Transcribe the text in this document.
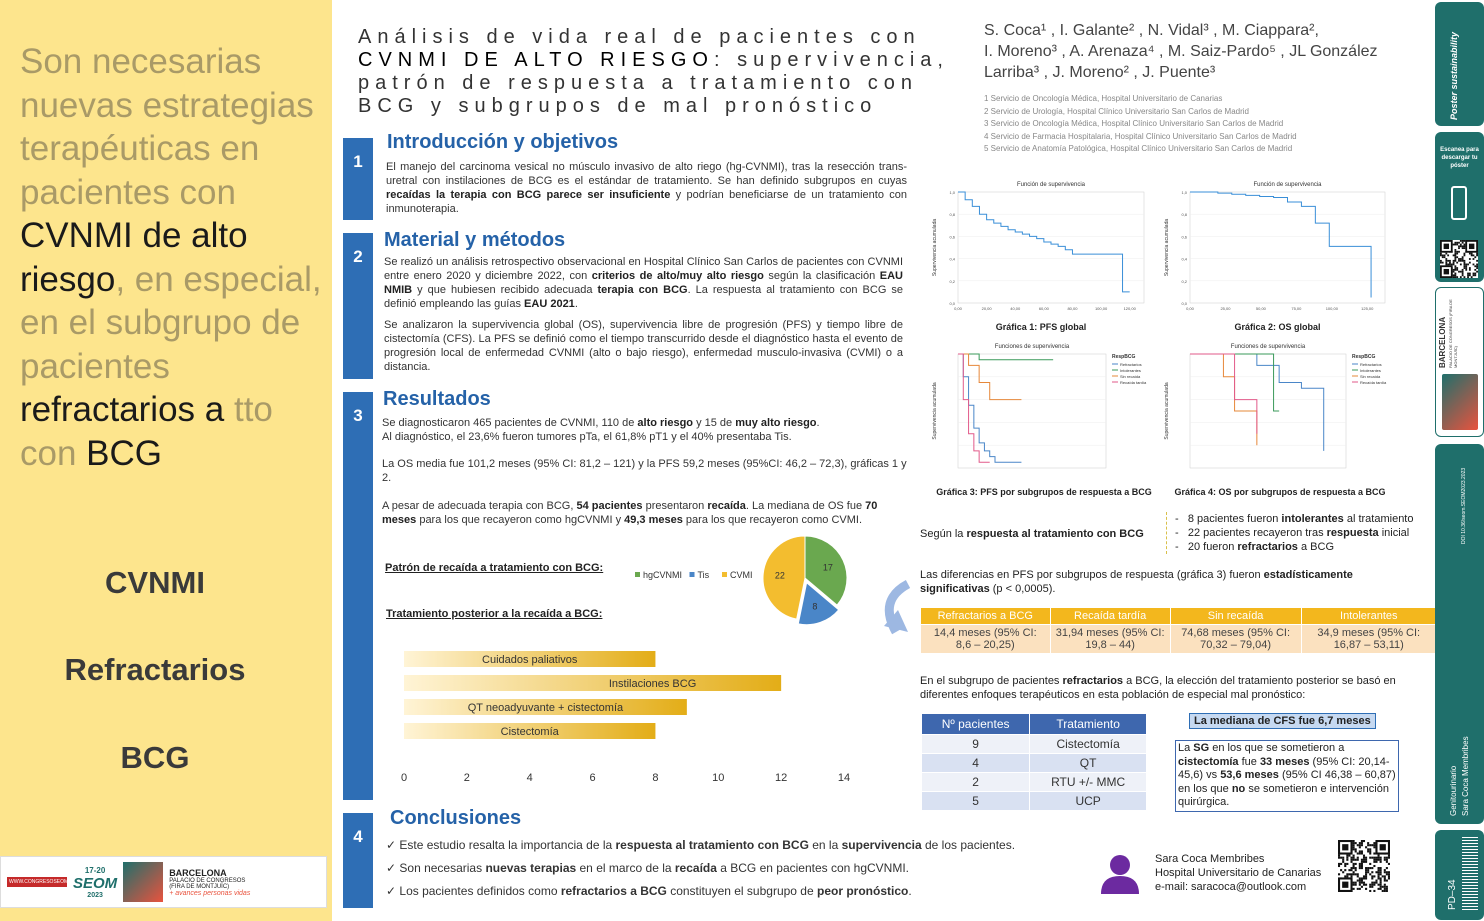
Son necesarias
nuevas estrategias
terapéuticas en
pacientes con
CVNMI de alto
riesgo, en especial,
en el subgrupo de
pacientes
refractarios a tto
con BCG
CVNMI
Refractarios
BCG
WWW.CONGRESOSEOM.ORG
17-20
SEOM
2023
BARCELONA
PALACIO DE CONGRESOS
(FIRA DE MONTJUÏC)
+ avances personas vidas
Análisis de vida real de pacientes con
CVNMI DE ALTO RIESGO: supervivencia,
patrón de respuesta a tratamiento con
BCG y subgrupos de mal pronóstico
S. Coca¹ , I. Galante² , N. Vidal³ , M. Ciappara²,
I. Moreno³ , A. Arenaza⁴ , M. Saiz-Pardo⁵ , JL González
Larriba³ , J. Moreno² , J. Puente³
1 Servicio de Oncología Médica, Hospital Universitario de Canarias
2 Servicio de Urología, Hospital Clínico Universitario San Carlos de Madrid
3 Servicio de Oncología Médica, Hospital Clínico Universitario San Carlos de Madrid
4 Servicio de Farmacia Hospitalaria, Hospital Clínico Universitario San Carlos de Madrid
5 Servicio de Anatomía Patológica, Hospital Clínico Universitario San Carlos de Madrid
1
Introducción y objetivos
El manejo del carcinoma vesical no músculo invasivo de alto riego (hg-CVNMI), tras la resección trans-uretral con instilaciones de BCG es el estándar de tratamiento. Se han definido subgrupos en cuyas recaídas la terapia con BCG parece ser insuficiente y podrían beneficiarse de un tratamiento con inmunoterapia.
2
Material y métodos
Se realizó un análisis retrospectivo observacional en Hospital Clínico San Carlos de pacientes con CVNMI entre enero 2020 y diciembre 2022, con criterios de alto/muy alto riesgo según la clasificación EAU NMIB y que hubiesen recibido adecuada terapia con BCG. La respuesta al tratamiento con BCG se definió empleando las guías EAU 2021.
Se analizaron la supervivencia global (OS), supervivencia libre de progresión (PFS) y tiempo libre de cistectomía (CFS). La PFS se definió como el tiempo transcurrido desde el diagnóstico hasta el evento de progresión local de enfermedad CVNMI (alto o bajo riesgo), enfermedad musculo-invasiva (CVMI) o a distancia.
3
Resultados
Se diagnosticaron 465 pacientes de CVNMI, 110 de alto riesgo y 15 de muy alto riesgo.
Al diagnóstico, el 23,6% fueron tumores pTa, el 61,8% pT1 y el 40% presentaba Tis.
La OS media fue 101,2 meses (95% CI: 81,2 – 121) y la PFS 59,2 meses (95%CI: 46,2 – 72,3), gráficas 1 y 2.
A pesar de adecuada terapia con BCG, 54 pacientes presentaron recaída. La mediana de OS fue 70 meses para los que recayeron como hgCVNMI y 49,3 meses para los que recayeron como CVMI.
Patrón de recaída a tratamiento con BCG:
Tratamiento posterior a la recaída a BCG:
17
8
22
hgCVNMI Tis CVMI
Cuidados paliativos
Instilaciones BCG
QT neoadyuvante + cistectomía
Cistectomía
0	2	4	6	8	10	12	14
Función de supervivencia
Supervivencia acumulada
0,0
0,2
0,4
0,6
0,8
1,0
0,00	20,00	40,00	60,00	80,00	100,00	120,00
Gráfica 1: PFS global
Función de supervivencia
Supervivencia acumulada
0,0
0,2
0,4
0,6
0,8
1,0
0,00	25,00	50,00	75,00	100,00	125,00
Gráfica 2: OS global
Funciones de supervivencia
Supervivencia acumulada
RespBCG
Refractarios
Intolerantes
Sin recaída
Recaída tardía
Gráfica 3: PFS por subgrupos de respuesta a BCG
Funciones de supervivencia
Supervivencia acumulada
RespBCG
Refractarios
Intolerantes
Sin recaída
Recaída tardía
Gráfica 4: OS por subgrupos de respuesta a BCG
Según la respuesta al tratamiento con BCG
-   8 pacientes fueron intolerantes al tratamiento
-   22 pacientes recayeron tras respuesta inicial
-   20 fueron refractarios a BCG
Las diferencias en PFS por subgrupos de respuesta (gráfica 3) fueron estadísticamente significativas (p < 0,0005).
Refractarios a BCG	Recaída tardía	Sin recaída	Intolerantes
14,4 meses (95% CI: 8,6 – 20,25)	31,94 meses (95% CI: 19,8 – 44)	74,68 meses (95% CI: 70,32 – 79,04)	34,9 meses (95% CI: 16,87 – 53,11)
En el subgrupo de pacientes refractarios a BCG, la elección del tratamiento posterior se basó en diferentes enfoques terapéuticos en esta población de especial mal pronóstico:
Nº pacientes	Tratamiento
9	Cistectomía
4	QT
2	RTU +/- MMC
5	UCP
La mediana de CFS fue 6,7 meses
La SG en los que se sometieron a cistectomía fue 33 meses (95% CI: 20,14-45,6) vs 53,6 meses (95% CI 46,38 – 60,87) en los que no se sometieron e intervención quirúrgica.
4
Conclusiones
✓ Este estudio resalta la importancia de la respuesta al tratamiento con BCG en la supervivencia de los pacientes.
✓ Son necesarias nuevas terapias en el marco de la recaída a BCG en pacientes con hgCVNMI.
✓ Los pacientes definidos como refractarios a BCG constituyen el subgrupo de peor pronóstico.
Sara Coca Membribes
Hospital Universitario de Canarias
e-mail: saracoca@outlook.com
Poster sustainability
Escanea para descargar tu póster
BARCELONA PALACIO DE CONGRESOS (FIRA DE MONTJUÏC)
DOI 10.36/seom.SEOM2023.2023
Genitourinario Sara Coca Membribes
PD–34
